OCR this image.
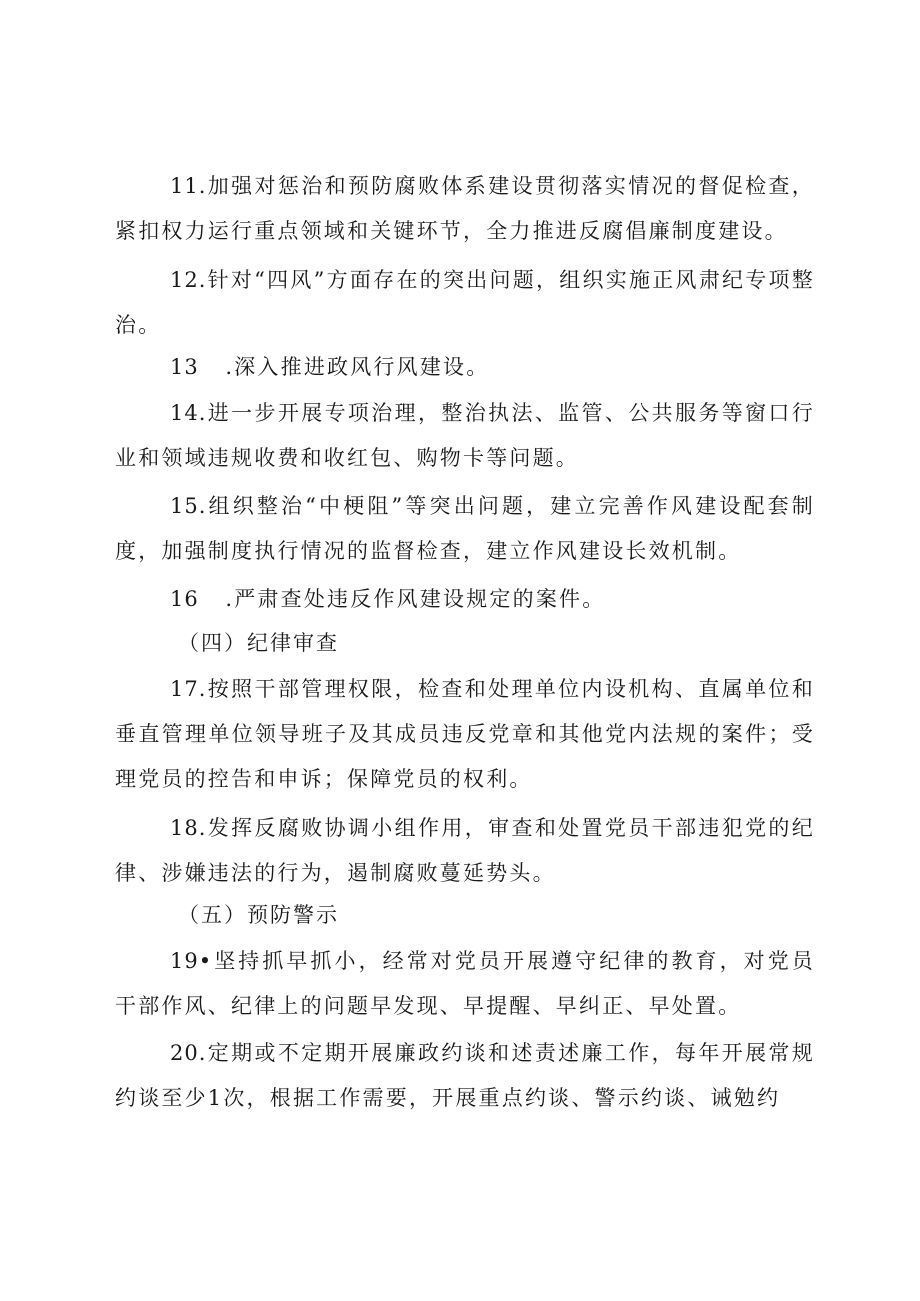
11.加强对惩治和预防腐败体系建设贯彻落实情况的督促检查，紧扣权力运行重点领域和关键环节，全力推进反腐倡廉制度建设。

12.针对“四风”方面存在的突出问题，组织实施正风肃纪专项整治。

13   .深入推进政风行风建设。

14.进一步开展专项治理，整治执法、监管、公共服务等窗口行业和领域违规收费和收红包、购物卡等问题。

15.组织整治“中梗阻”等突出问题，建立完善作风建设配套制度，加强制度执行情况的监督检查，建立作风建设长效机制。

16   .严肃查处违反作风建设规定的案件。

（四）纪律审查

17.按照干部管理权限，检查和处理单位内设机构、直属单位和垂直管理单位领导班子及其成员违反党章和其他党内法规的案件；受理党员的控告和申诉；保障党员的权利。

18.发挥反腐败协调小组作用，审查和处置党员干部违犯党的纪律、涉嫌违法的行为，遏制腐败蔓延势头。

（五）预防警示

19•坚持抓早抓小，经常对党员开展遵守纪律的教育，对党员干部作风、纪律上的问题早发现、早提醒、早纠正、早处置。

20.定期或不定期开展廉政约谈和述责述廉工作，每年开展常规约谈至少1次，根据工作需要，开展重点约谈、警示约谈、诫勉约
